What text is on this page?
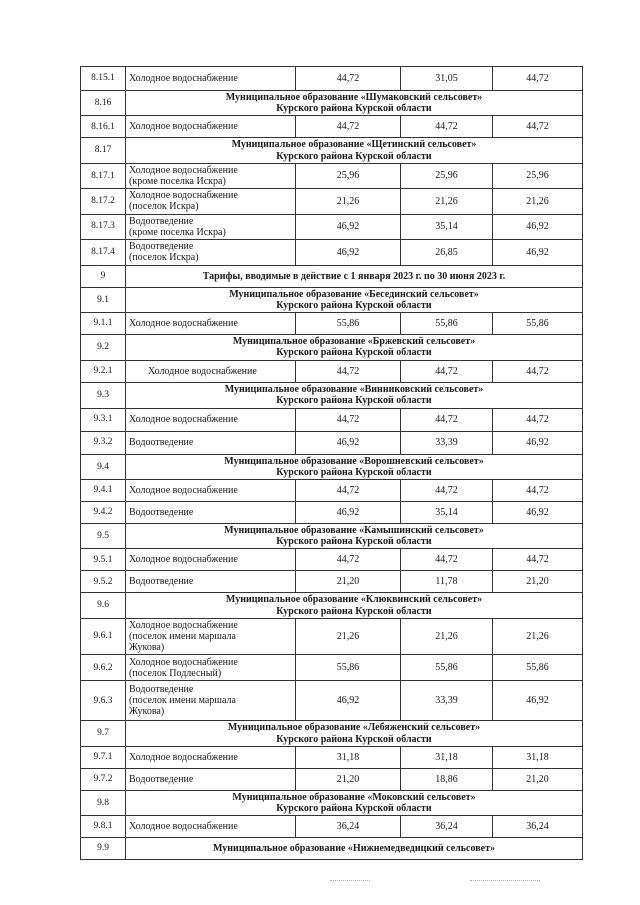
8.15.1	Холодное водоснабжение	44,72	31,05	44,72
8.16	Муниципальное образование «Шумаковский сельсовет»
Курского района Курской области			

8.16.1	Холодное водоснабжение	44,72	44,72	44,72
8.17	Муниципальное образование «Щетинский сельсовет»
Курского района Курской области			

8.17.1	Холодное водоснабжение
(кроме поселка Искра)	25,96	25,96	25,96
8.17.2	Холодное водоснабжение
(поселок Искра)	21,26	21,26	21,26
8.17.3	Водоотведение
(кроме поселка Искра)	46,92	35,14	46,92
8.17.4	Водоотведение
(поселок Искра)	46,92	26,85	46,92
9	Тарифы, вводимые в действие с 1 января 2023 г. по 30 июня 2023 г.			

9.1	Муниципальное образование «Бесединский сельсовет»
Курского района Курской области			

9.1.1	Холодное водоснабжение	55,86	55,86	55,86
9.2	Муниципальное образование «Бржевский сельсовет»
Курского района Курской области			

9.2.1	Холодное водоснабжение	44,72	44,72	44,72
9.3	Муниципальное образование «Винниковский сельсовет»
Курского района Курской области			

9.3.1	Холодное водоснабжение	44,72	44,72	44,72
9.3.2	Водоотведение	46,92	33,39	46,92
9.4	Муниципальное образование «Ворошневский сельсовет»
Курского района Курской области			

9.4.1	Холодное водоснабжение	44,72	44,72	44,72
9.4.2	Водоотведение	46,92	35,14	46,92
9.5	Муниципальное образование «Камышинский сельсовет»
Курского района Курской области			

9.5.1	Холодное водоснабжение	44,72	44,72	44,72
9.5.2	Водоотведение	21,20	11,78	21,20
9.6	Муниципальное образование «Клюквинский сельсовет»
Курского района Курской области			

9.6.1	Холодное водоснабжение
(поселок имени маршала
Жукова)	21,26	21,26	21,26
9.6.2	Холодное водоснабжение
(поселок Подлесный)	55,86	55,86	55,86
9.6.3	Водоотведение
(поселок имени маршала
Жукова)	46,92	33,39	46,92
9.7	Муниципальное образование «Лебяженский сельсовет»
Курского района Курской области			

9.7.1	Холодное водоснабжение	31,18	31,18	31,18
9.7.2	Водоотведение	21,20	18,86	21,20
9.8	Муниципальное образование «Моковский сельсовет»
Курского района Курской области			

9.8.1	Холодное водоснабжение	36,24	36,24	36,24
9.9	Муниципальное образование «Нижнемедведицкий сельсовет»			
